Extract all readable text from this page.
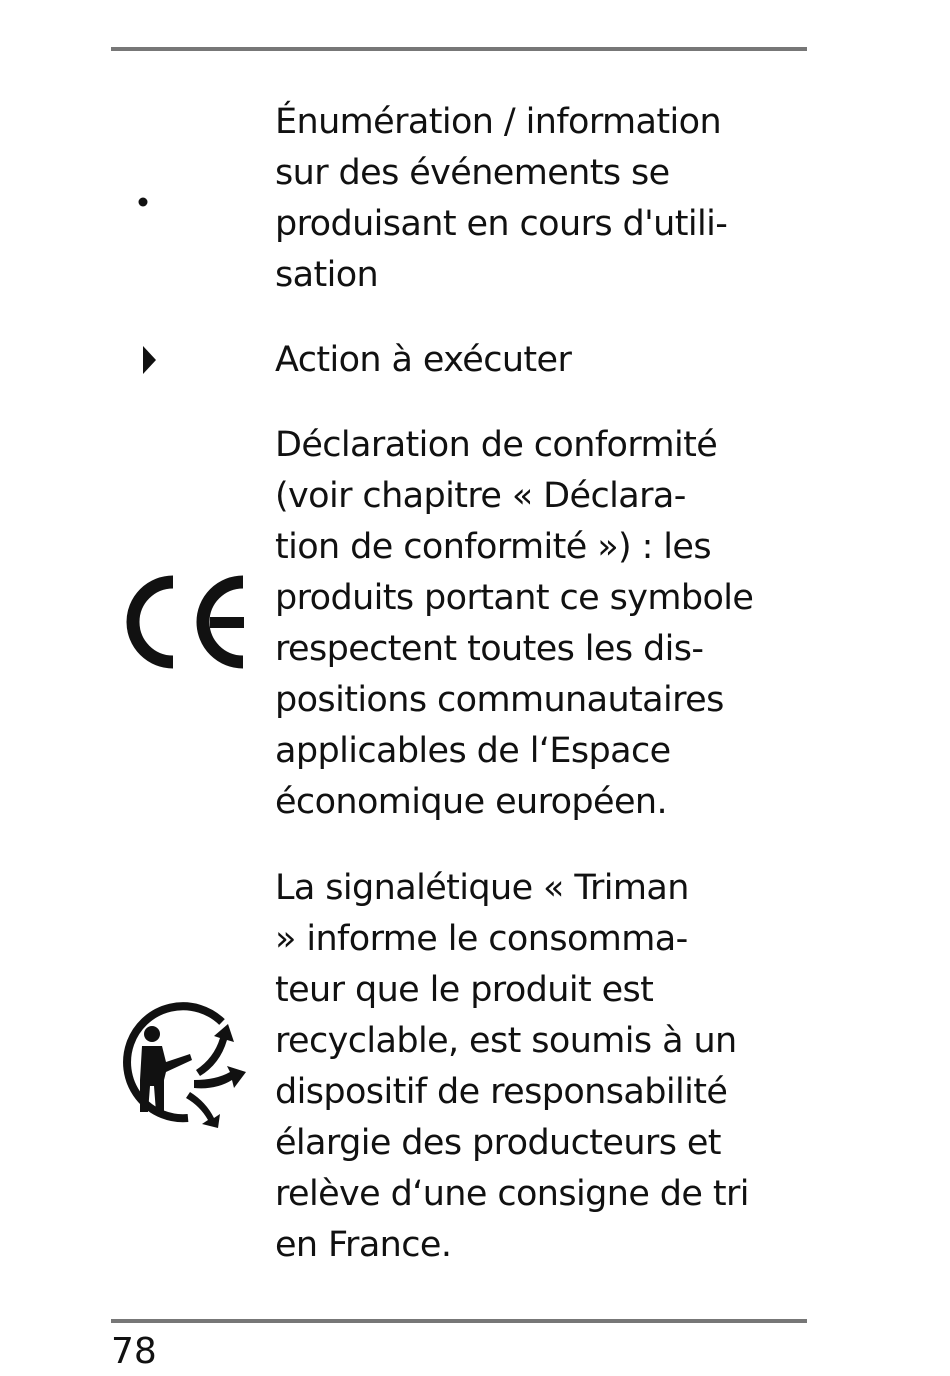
Énumération / information
sur des événements se
produisant en cours d'utili-
sation
Action à exécuter
Déclaration de conformité
(voir chapitre « Déclara-
tion de conformité ») : les
produits portant ce symbole
respectent toutes les dis-
positions communautaires
applicables de l‘Espace
économique européen.
La signalétique « Triman
» informe le consomma-
teur que le produit est
recyclable, est soumis à un
dispositif de responsabilité
élargie des producteurs et
relève d‘une consigne de tri
en France.
78
